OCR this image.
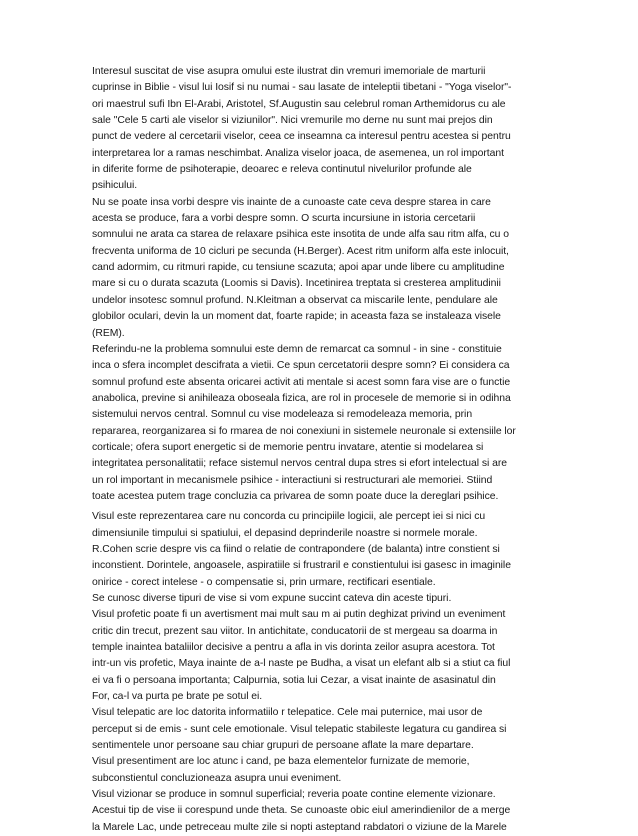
Interesul suscitat de vise asupra omului este ilustrat din vremuri imemoriale de marturii
cuprinse in Biblie - visul lui Iosif si nu numai - sau lasate de inteleptii tibetani - "Yoga viselor"-
ori maestrul sufi Ibn El-Arabi, Aristotel, Sf.Augustin sau celebrul roman Arthemidorus cu ale
sale "Cele 5 carti ale viselor si viziunilor". Nici vremurile mo derne nu sunt mai prejos din
punct de vedere al cercetarii viselor, ceea ce inseamna ca interesul pentru acestea si pentru
interpretarea lor a ramas neschimbat. Analiza viselor joaca, de asemenea, un rol important
in diferite forme de psihoterapie, deoarec e releva continutul nivelurilor profunde ale
psihicului.
Nu se poate insa vorbi despre vis inainte de a cunoaste cate ceva despre starea in care
acesta se produce, fara a vorbi despre somn. O scurta incursiune in istoria cercetarii
somnului ne arata ca starea de relaxare psihica este insotita de unde alfa sau ritm alfa, cu o
frecventa uniforma de 10 cicluri pe secunda (H.Berger). Acest ritm uniform alfa este inlocuit,
cand adormim, cu ritmuri rapide, cu tensiune scazuta; apoi apar unde libere cu amplitudine
mare si cu o durata scazuta (Loomis si Davis). Incetinirea treptata si cresterea amplitudinii
undelor insotesc somnul profund. N.Kleitman a observat ca miscarile lente, pendulare ale
globilor oculari, devin la un moment dat, foarte rapide; in aceasta faza se instaleaza visele
(REM).
Referindu-ne la problema somnului este demn de remarcat ca somnul - in sine - constituie
inca o sfera incomplet descifrata a vietii. Ce spun cercetatorii despre somn? Ei considera ca
somnul profund este absenta oricarei activit ati mentale si acest somn fara vise are o functie
anabolica, previne si anihileaza oboseala fizica, are rol in procesele de memorie si in odihna
sistemului nervos central. Somnul cu vise modeleaza si remodeleaza memoria, prin
repararea, reorganizarea si fo rmarea de noi conexiuni in sistemele neuronale si extensiile lor
corticale; ofera suport energetic si de memorie pentru invatare, atentie si modelarea si
integritatea personalitatii; reface sistemul nervos central dupa stres si efort intelectual si are
un rol important in mecanismele psihice - interactiuni si restructurari ale memoriei. Stiind
toate acestea putem trage concluzia ca privarea de somn poate duce la dereglari psihice.
Visul este reprezentarea care nu concorda cu principiile logicii, ale percept iei si nici cu
dimensiunile timpului si spatiului, el depasind deprinderile noastre si normele morale.
R.Cohen scrie despre vis ca fiind o relatie de contrapondere (de balanta) intre constient si
inconstient. Dorintele, angoasele, aspiratiile si frustraril e constientului isi gasesc in imaginile
onirice - corect intelese - o compensatie si, prin urmare, rectificari esentiale.
Se cunosc diverse tipuri de vise si vom expune succint cateva din aceste tipuri.
Visul profetic poate fi un avertisment mai mult sau m ai putin deghizat privind un eveniment
critic din trecut, prezent sau viitor. In antichitate, conducatorii de st mergeau sa doarma in
temple inaintea bataliilor decisive a pentru a afla in vis dorinta zeilor asupra acestora. Tot
intr-un vis profetic, Maya inainte de a-l naste pe Budha, a visat un elefant alb si a stiut ca fiul
ei va fi o persoana importanta; Calpurnia, sotia lui Cezar, a visat inainte de asasinatul din
For, ca-l va purta pe brate pe sotul ei.
Visul telepatic are loc datorita informatiilo r telepatice. Cele mai puternice, mai usor de
perceput si de emis - sunt cele emotionale. Visul telepatic stabileste legatura cu gandirea si
sentimentele unor persoane sau chiar grupuri de persoane aflate la mare departare.
Visul presentiment are loc atunc i cand, pe baza elementelor furnizate de memorie,
subconstientul concluzioneaza asupra unui eveniment.
Visul vizionar se produce in somnul superficial; reveria poate contine elemente vizionare.
Acestui tip de vise ii corespund unde theta. Se cunoaste obic eiul amerindienilor de a merge
la Marele Lac, unde petreceau multe zile si nopti asteptand rabdatori o viziune de la Marele
